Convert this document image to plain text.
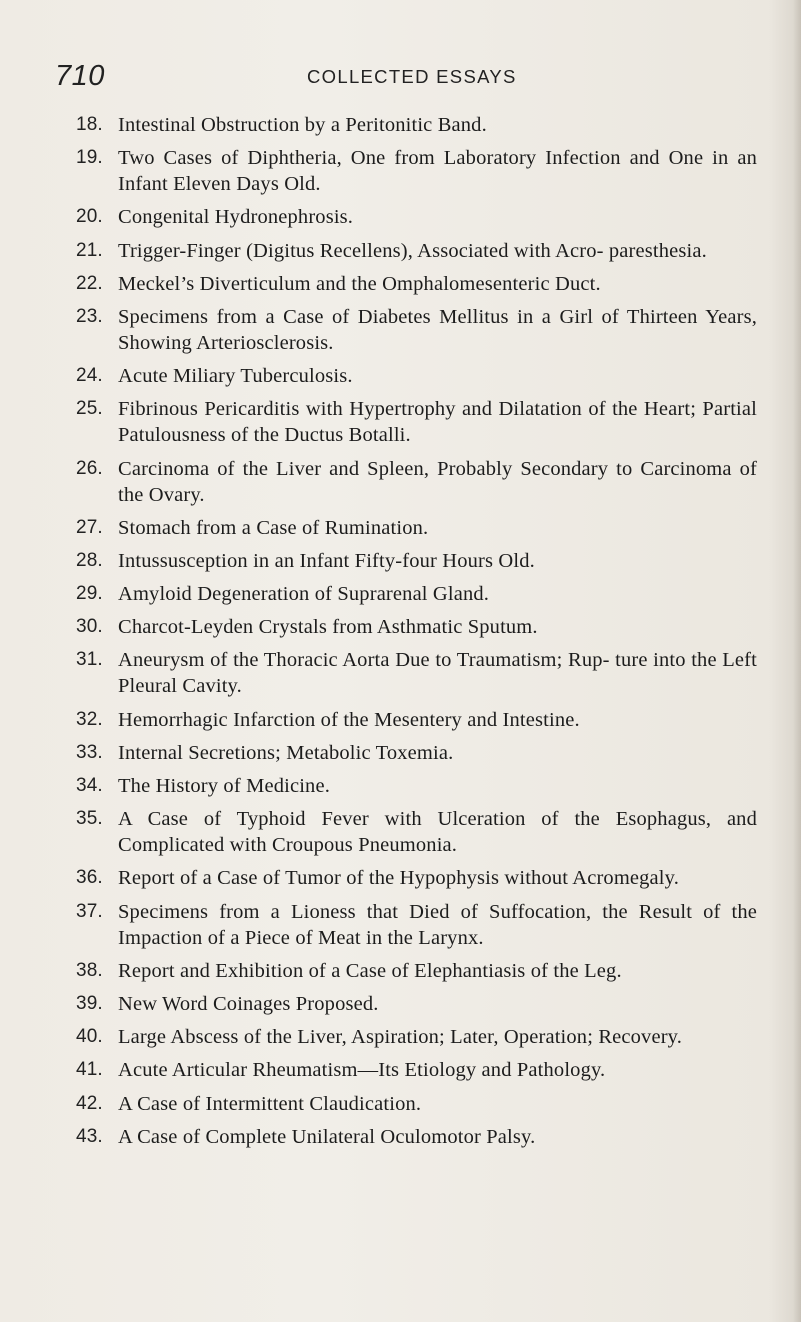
710	COLLECTED ESSAYS
18. Intestinal Obstruction by a Peritonitic Band.
19. Two Cases of Diphtheria, One from Laboratory Infection and One in an Infant Eleven Days Old.
20. Congenital Hydronephrosis.
21. Trigger-Finger (Digitus Recellens), Associated with Acro- paresthesia.
22. Meckel’s Diverticulum and the Omphalomesenteric Duct.
23. Specimens from a Case of Diabetes Mellitus in a Girl of Thirteen Years, Showing Arteriosclerosis.
24. Acute Miliary Tuberculosis.
25. Fibrinous Pericarditis with Hypertrophy and Dilatation of the Heart; Partial Patulousness of the Ductus Botalli.
26. Carcinoma of the Liver and Spleen, Probably Secondary to Carcinoma of the Ovary.
27. Stomach from a Case of Rumination.
28. Intussusception in an Infant Fifty-four Hours Old.
29. Amyloid Degeneration of Suprarenal Gland.
30. Charcot-Leyden Crystals from Asthmatic Sputum.
31. Aneurysm of the Thoracic Aorta Due to Traumatism; Rup- ture into the Left Pleural Cavity.
32. Hemorrhagic Infarction of the Mesentery and Intestine.
33. Internal Secretions; Metabolic Toxemia.
34. The History of Medicine.
35. A Case of Typhoid Fever with Ulceration of the Esophagus, and Complicated with Croupous Pneumonia.
36. Report of a Case of Tumor of the Hypophysis without Acromegaly.
37. Specimens from a Lioness that Died of Suffocation, the Result of the Impaction of a Piece of Meat in the Larynx.
38. Report and Exhibition of a Case of Elephantiasis of the Leg.
39. New Word Coinages Proposed.
40. Large Abscess of the Liver, Aspiration; Later, Operation; Recovery.
41. Acute Articular Rheumatism—Its Etiology and Pathology.
42. A Case of Intermittent Claudication.
43. A Case of Complete Unilateral Oculomotor Palsy.
